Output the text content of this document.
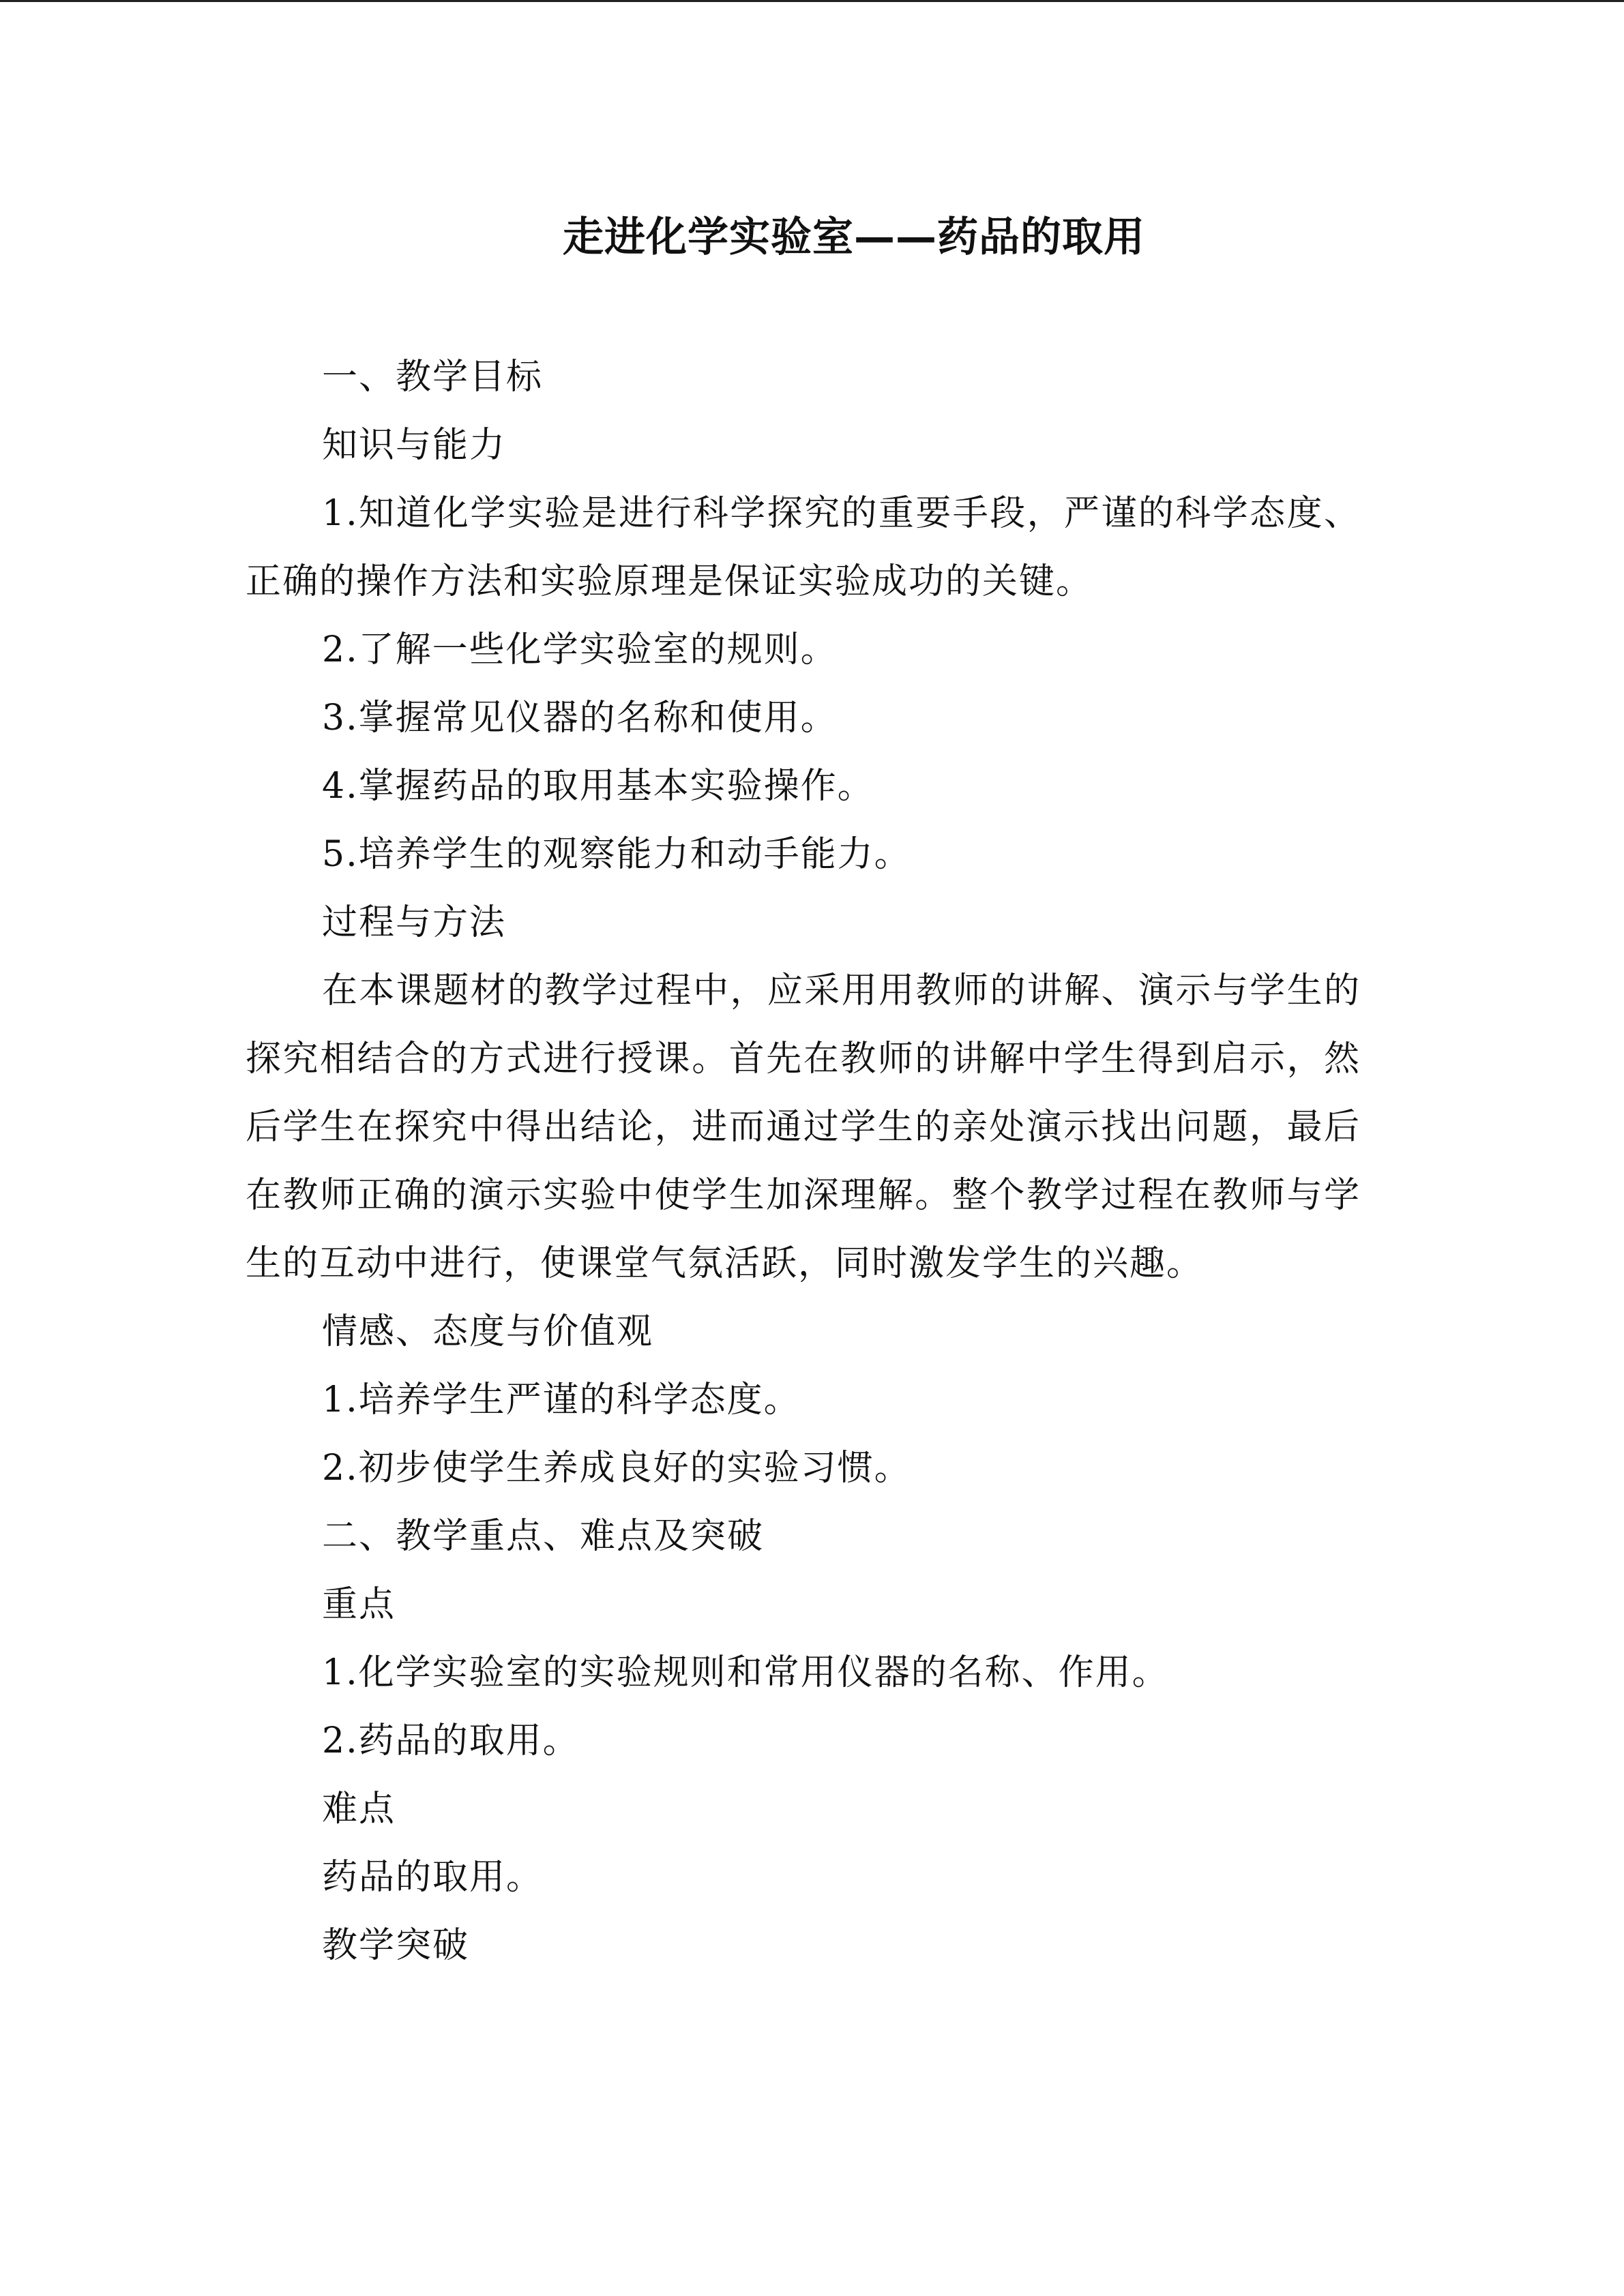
走进化学实验室——药品的取用

一、教学目标

知识与能力

1.知道化学实验是进行科学探究的重要手段，严谨的科学态度、正确的操作方法和实验原理是保证实验成功的关键。

2.了解一些化学实验室的规则。

3.掌握常见仪器的名称和使用。

4.掌握药品的取用基本实验操作。

5.培养学生的观察能力和动手能力。

过程与方法

在本课题材的教学过程中，应采用用教师的讲解、演示与学生的探究相结合的方式进行授课。首先在教师的讲解中学生得到启示，然后学生在探究中得出结论，进而通过学生的亲处演示找出问题，最后在教师正确的演示实验中使学生加深理解。整个教学过程在教师与学生的互动中进行，使课堂气氛活跃，同时激发学生的兴趣。

情感、态度与价值观

1.培养学生严谨的科学态度。

2.初步使学生养成良好的实验习惯。

二、教学重点、难点及突破

重点

1.化学实验室的实验规则和常用仪器的名称、作用。

2.药品的取用。

难点

药品的取用。

教学突破
